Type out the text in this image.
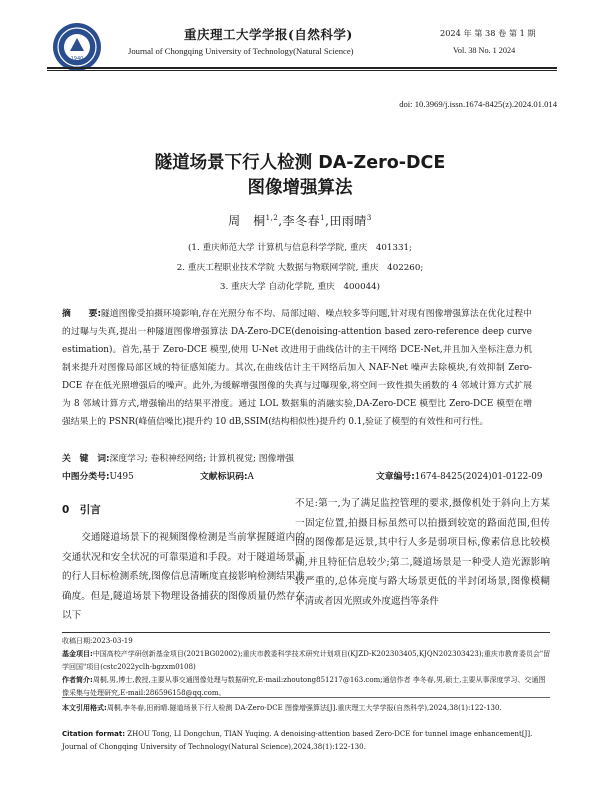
1940
重庆理工大学学报(自然科学)
Journal of Chongqing University of Technology(Natural Science)
2024 年 第 38 卷 第 1 期
Vol. 38 No. 1 2024
doi: 10.3969/j.issn.1674-8425(z).2024.01.014
隧道场景下行人检测 DA-Zero-DCE
图像增强算法
周　桐$^{1,2}$,李冬春$^1$,田雨晴$^3$
(1. 重庆师范大学 计算机与信息科学学院, 重庆　401331;
2. 重庆工程职业技术学院 大数据与物联网学院, 重庆　402260;
3. 重庆大学 自动化学院, 重庆　400044)
摘　　要:隧道图像受拍摄环境影响,存在光照分布不均、局部过暗、噪点较多等问题,针对现有图像增强算法在优化过程中的过曝与失真,提出一种隧道图像增强算法 DA-Zero-DCE(denoising-attention based zero-reference deep curve estimation)。首先,基于 Zero-DCE 模型,使用 U-Net 改进用于曲线估计的主干网络 DCE-Net,并且加入坐标注意力机制来提升对图像局部区域的特征感知能力。其次,在曲线估计主干网络后加入 NAF-Net 噪声去除模块,有效抑制 Zero-DCE 存在低光照增强后的噪声。此外,为缓解增强图像的失真与过曝现象,将空间一致性损失函数的 4 邻域计算方式扩展为 8 邻域计算方式,增强输出的结果平滑度。通过 LOL 数据集的消融实验,DA-Zero-DCE 模型比 Zero-DCE 模型在增强结果上的 PSNR(峰值信噪比)提升约 10 dB,SSIM(结构相似性)提升约 0.1,验证了模型的有效性和可行性。
关　键　词:深度学习; 卷积神经网络; 计算机视觉; 图像增强
中图分类号:U495	文献标识码:A	文章编号:1674-8425(2024)01-0122-09
0　引言
交通隧道场景下的视频图像检测是当前掌握隧道内的交通状况和安全状况的可靠渠道和手段。对于隧道场景下的行人目标检测系统,图像信息清晰度直接影响检测结果准确度。但是,隧道场景下物理设备捕获的图像质量仍然存在以下
不足:第一,为了满足监控管理的要求,摄像机处于斜向上方某一固定位置,拍摄目标虽然可以拍摄到较宽的路面范围,但传回的图像都是远景,其中行人多是弱项目标,像素信息比较模糊,并且特征信息较少;第二,隧道场景是一种受人造光源影响较严重的,总体亮度与路大场景更低的半封闭场景,图像模糊不清或者因光照或外度遮挡等条件
收稿日期:2023-03-19
基金项目:中国高校产学研创新基金项目(2021BG02002);重庆市教委科学技术研究计划项目(KJZD-K202303405,KJQN202303423);重庆市教育委员会"留学回国"项目(cstc2022yclh-bgzxm0108)
作者简介:周桐,男,博士,教授,主要从事交通图像处理与数据研究,E-mail:zhoutong851217@163.com;通信作者 李冬春,男,硕士,主要从事深度学习、交通图像采集与处理研究,E-mail:286596158@qq.com。
本文引用格式:周桐,李冬春,田雨晴.隧道场景下行人检测 DA-Zero-DCE 图像增强算法[J].重庆理工大学学报(自然科学),2024,38(1):122-130.
Citation format: ZHOU Tong, LI Dongchun, TIAN Yuqing. A denoising-attention based Zero-DCE for tunnel image enhancement[J]. Journal of Chongqing University of Technology(Natural Science),2024,38(1):122-130.
